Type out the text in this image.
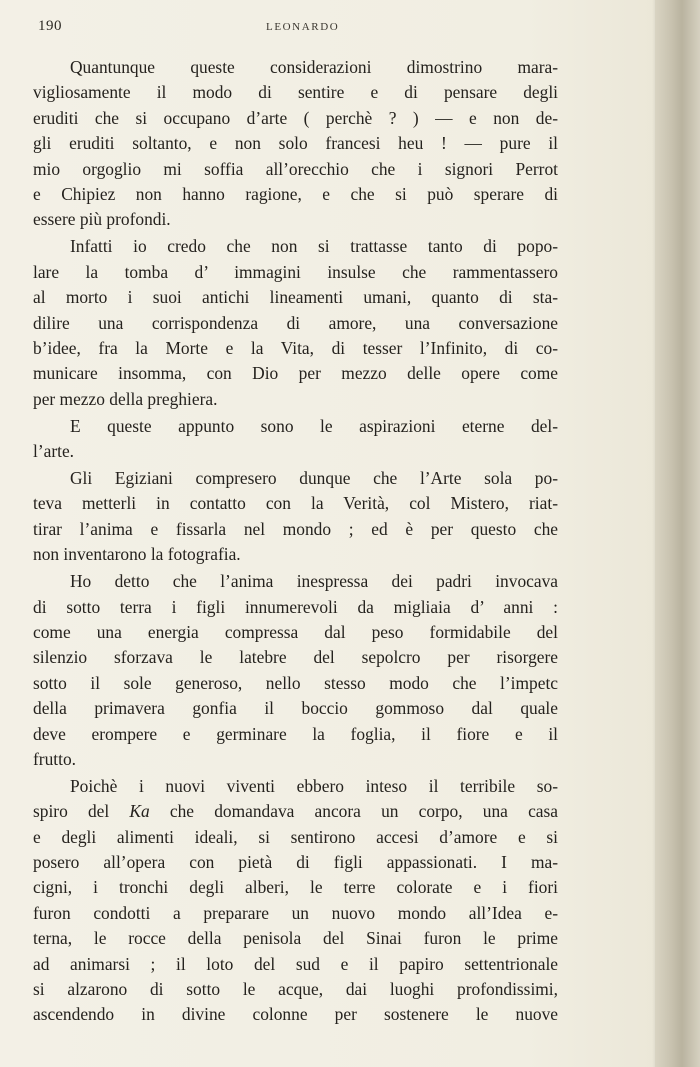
190	LEONARDO
Quantunque queste considerazioni dimostrino mara-
vigliosamente il modo di sentire e di pensare degli
eruditi che si occupano d’arte ( perchè ? ) — e non de-
gli eruditi soltanto, e non solo francesi heu ! — pure il
mio orgoglio mi soffia all’orecchio che i signori Perrot
e Chipiez non hanno ragione, e che si può sperare di
essere più profondi.
Infatti io credo che non si trattasse tanto di popo-
lare la tomba d’ immagini insulse che rammentassero
al morto i suoi antichi lineamenti umani, quanto di sta-
dilire una corrispondenza di amore, una conversazione
b’idee, fra la Morte e la Vita, di tesser l’Infinito, di co-
municare insomma, con Dio per mezzo delle opere come
per mezzo della preghiera.
E queste appunto sono le aspirazioni eterne del-
l’arte.
Gli Egiziani compresero dunque che l’Arte sola po-
teva metterli in contatto con la Verità, col Mistero, riat-
tirar l’anima e fissarla nel mondo ; ed è per questo che
non inventarono la fotografia.
Ho detto che l’anima inespressa dei padri invocava
di sotto terra i figli innumerevoli da migliaia d’ anni :
come una energia compressa dal peso formidabile del
silenzio sforzava le latebre del sepolcro per risorgere
sotto il sole generoso, nello stesso modo che l’impetc
della primavera gonfia il boccio gommoso dal quale
deve erompere e germinare la foglia, il fiore e il
frutto.
Poichè i nuovi viventi ebbero inteso il terribile so-
spiro del Ka che domandava ancora un corpo, una casa
e degli alimenti ideali, si sentirono accesi d’amore e si
posero all’opera con pietà di figli appassionati. I ma-
cigni, i tronchi degli alberi, le terre colorate e i fiori
furon condotti a preparare un nuovo mondo all’Idea e-
terna, le rocce della penisola del Sinai furon le prime
ad animarsi ; il loto del sud e il papiro settentrionale
si alzarono di sotto le acque, dai luoghi profondissimi,
ascendendo in divine colonne per sostenere le nuove
